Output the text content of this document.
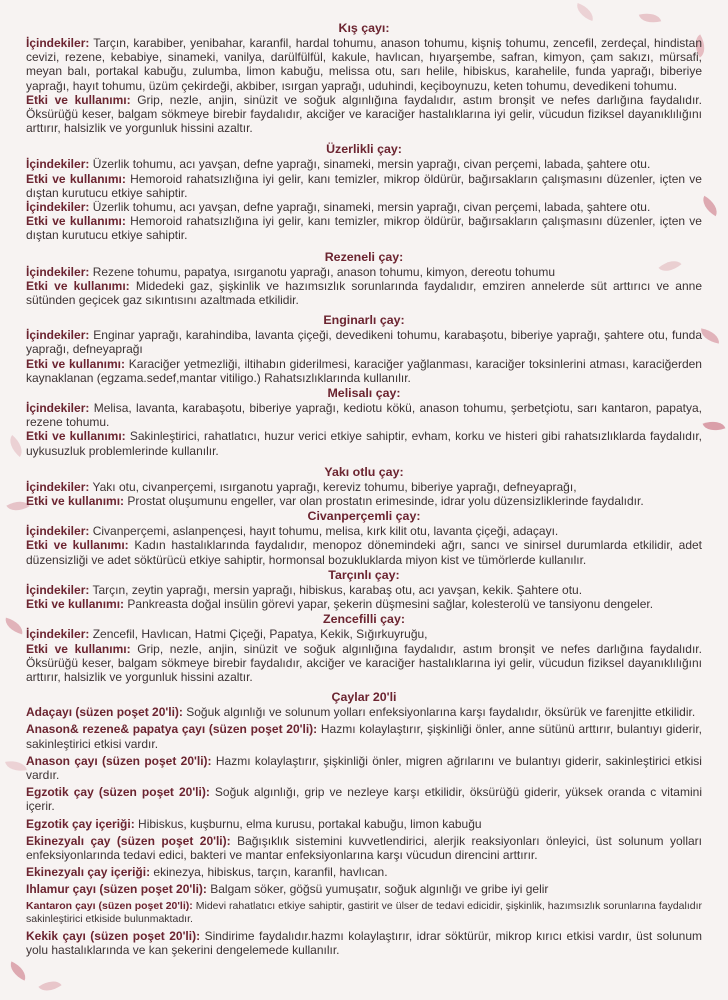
Kış çayı:

İçindekiler: Tarçın, karabiber, yenibahar, karanfil, hardal tohumu, anason tohumu, kişniş tohumu, zencefil, zerdeçal, hindistan cevizi, rezene, kebabiye, sinameki, vanilya, darülfülfül, kakule, havlıcan, hıyarşembe, safran, kimyon, çam sakızı, mürsafi, meyan balı, portakal kabuğu, zulumba, limon kabuğu, melissa otu, sarı helile, hibiskus, karahelile, funda yaprağı, biberiye yaprağı, hayıt tohumu, üzüm çekirdeği, akbiber, ısırgan yaprağı, uduhindi, keçiboynuzu, keten tohumu, devedikeni tohumu.

Etki ve kullanımı: Grip, nezle, anjin, sinüzit ve soğuk algınlığına faydalıdır, astım bronşit ve nefes darlığına faydalıdır. Öksürüğü keser, balgam sökmeye birebir faydalıdır, akciğer ve karaciğer hastalıklarına iyi gelir, vücudun fiziksel dayanıklılığını arttırır, halsizlik ve yorgunluk hissini azaltır.

Üzerlikli çay:

İçindekiler: Üzerlik tohumu, acı yavşan, defne yaprağı, sinameki, mersin yaprağı, civan perçemi, labada, şahtere otu.

Etki ve kullanımı: Hemoroid rahatsızlığına iyi gelir, kanı temizler, mikrop öldürür, bağırsakların çalışmasını düzenler, içten ve dıştan kurutucu etkiye sahiptir.

İçindekiler: Üzerlik tohumu, acı yavşan, defne yaprağı, sinameki, mersin yaprağı, civan perçemi, labada, şahtere otu.

Etki ve kullanımı: Hemoroid rahatsızlığına iyi gelir, kanı temizler, mikrop öldürür, bağırsakların çalışmasını düzenler, içten ve dıştan kurutucu etkiye sahiptir.

Rezeneli çay:

İçindekiler: Rezene tohumu, papatya, ısırganotu yaprağı, anason tohumu, kimyon, dereotu tohumu

Etki ve kullanımı: Midedeki gaz, şişkinlik ve hazımsızlık sorunlarında faydalıdır, emziren annelerde süt arttırıcı ve anne sütünden geçicek gaz sıkıntısını azaltmada etkilidir.

Enginarlı çay:

İçindekiler: Enginar yaprağı, karahindiba, lavanta çiçeği, devedikeni tohumu, karabaşotu, biberiye yaprağı, şahtere otu, funda yaprağı, defneyaprağı

Etki ve kullanımı: Karaciğer yetmezliği, iltihabın giderilmesi, karaciğer yağlanması, karaciğer toksinlerini atması, karaciğerden kaynaklanan (egzama.sedef,mantar vitiligo.) Rahatsızlıklarında kullanılır.

Melisalı çay:

İçindekiler: Melisa, lavanta, karabaşotu, biberiye yaprağı, kediotu kökü, anason tohumu, şerbetçiotu, sarı kantaron, papatya, rezene tohumu.

Etki ve kullanımı: Sakinleştirici, rahatlatıcı, huzur verici etkiye sahiptir, evham, korku ve histeri gibi rahatsızlıklarda faydalıdır, uykusuzluk problemlerinde kullanılır.

Yakı otlu çay:

İçindekiler: Yakı otu, civanperçemi, ısırganotu yaprağı, kereviz tohumu, biberiye yaprağı, defneyaprağı,

Etki ve kullanımı: Prostat oluşumunu engeller, var olan prostatın erimesinde, idrar yolu düzensizliklerinde faydalıdır.

Civanperçemli çay:

İçindekiler: Civanperçemi, aslanpençesi, hayıt tohumu, melisa, kırk kilit otu, lavanta çiçeği, adaçayı.

Etki ve kullanımı: Kadın hastalıklarında faydalıdır, menopoz dönemindeki ağrı, sancı ve sinirsel durumlarda etkilidir, adet düzensizliği ve adet söktürücü etkiye sahiptir, hormonsal bozukluklarda miyon kist ve tümörlerde kullanılır.

Tarçınlı çay:

İçindekiler: Tarçın, zeytin yaprağı, mersin yaprağı, hibiskus, karabaş otu, acı yavşan, kekik. Şahtere otu.

Etki ve kullanımı: Pankreasta doğal insülin görevi yapar, şekerin düşmesini sağlar, kolesterolü ve tansiyonu dengeler.

Zencefilli çay:

İçindekiler: Zencefil, Havlıcan, Hatmi Çiçeği, Papatya, Kekik, Sığırkuyruğu,

Etki ve kullanımı: Grip, nezle, anjin, sinüzit ve soğuk algınlığına faydalıdır, astım bronşit ve nefes darlığına faydalıdır. Öksürüğü keser, balgam sökmeye birebir faydalıdır, akciğer ve karaciğer hastalıklarına iyi gelir, vücudun fiziksel dayanıklılığını arttırır, halsizlik ve yorgunluk hissini azaltır.

Çaylar 20'li

Adaçayı (süzen poşet 20'li): Soğuk algınlığı ve solunum yolları enfeksiyonlarına karşı faydalıdır, öksürük ve farenjitte etkilidir.

Anason& rezene& papatya çayı (süzen poşet 20'li): Hazmı kolaylaştırır, şişkinliği önler, anne sütünü arttırır, bulantıyı giderir, sakinleştirici etkisi vardır.

Anason çayı (süzen poşet 20'li): Hazmı kolaylaştırır, şişkinliği önler, migren ağrılarını ve bulantıyı giderir, sakinleştirici etkisi vardır.

Egzotik çay (süzen poşet 20'li): Soğuk algınlığı, grip ve nezleye karşı etkilidir, öksürüğü giderir, yüksek oranda c vitamini içerir.

Egzotik çay içeriği: Hibiskus, kuşburnu, elma kurusu, portakal kabuğu, limon kabuğu

Ekinezyalı çay (süzen poşet 20'li): Bağışıklık sistemini kuvvetlendirici, alerjik reaksiyonları önleyici, üst solunum yolları enfeksiyonlarında tedavi edici, bakteri ve mantar enfeksiyonlarına karşı vücudun direncini arttırır.

Ekinezyalı çay içeriği: ekinezya, hibiskus, tarçın, karanfil, havlıcan.

Ihlamur çayı (süzen poşet 20'li): Balgam söker, göğsü yumuşatır, soğuk algınlığı ve gribe iyi gelir

Kantaron çayı (süzen poşet 20'li): Midevi rahatlatıcı etkiye sahiptir, gastirit ve ülser de tedavi edicidir, şişkinlik, hazımsızlık sorunlarına faydalıdır sakinleştirici etkiside bulunmaktadır.

Kekik çayı (süzen poşet 20'li): Sindirime faydalıdır.hazmı kolaylaştırır, idrar söktürür, mikrop kırıcı etkisi vardır, üst solunum yolu hastalıklarında ve kan şekerini dengelemede kullanılır.
